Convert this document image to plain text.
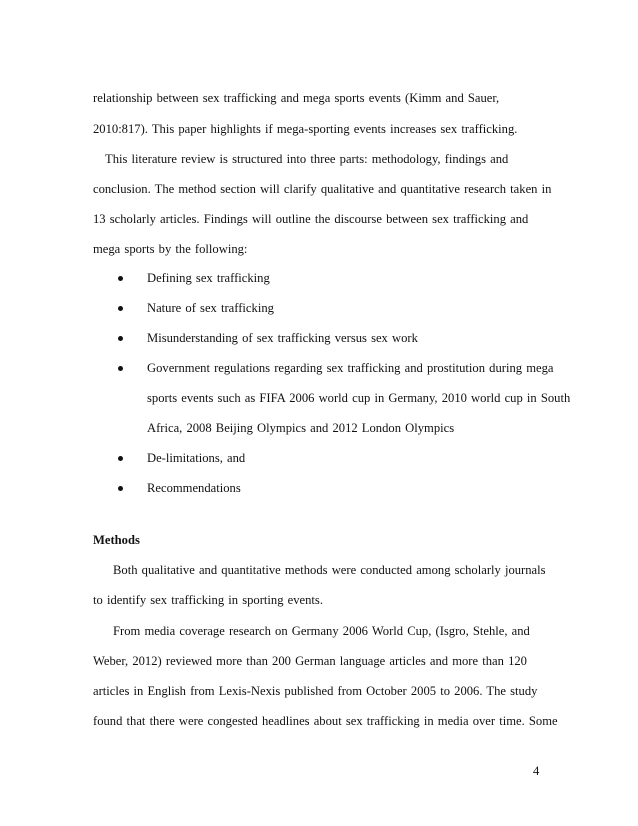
relationship between sex trafficking and mega sports events (Kimm and Sauer,
2010:817). This paper highlights if mega-sporting events increases sex trafficking.
This literature review is structured into three parts: methodology, findings and
conclusion. The method section will clarify qualitative and quantitative research taken in
13 scholarly articles. Findings will outline the discourse between sex trafficking and
mega sports by the following:
Defining sex trafficking
Nature of sex trafficking
Misunderstanding of sex trafficking versus sex work
Government regulations regarding sex trafficking and prostitution during mega
sports events such as FIFA 2006 world cup in Germany, 2010 world cup in South
Africa, 2008 Beijing Olympics and 2012 London Olympics
De-limitations, and
Recommendations
Methods
Both qualitative and quantitative methods were conducted among scholarly journals
to identify sex trafficking in sporting events.
From media coverage research on Germany 2006 World Cup, (Isgro, Stehle, and
Weber, 2012) reviewed more than 200 German language articles and more than 120
articles in English from Lexis-Nexis published from October 2005 to 2006. The study
found that there were congested headlines about sex trafficking in media over time. Some
4
